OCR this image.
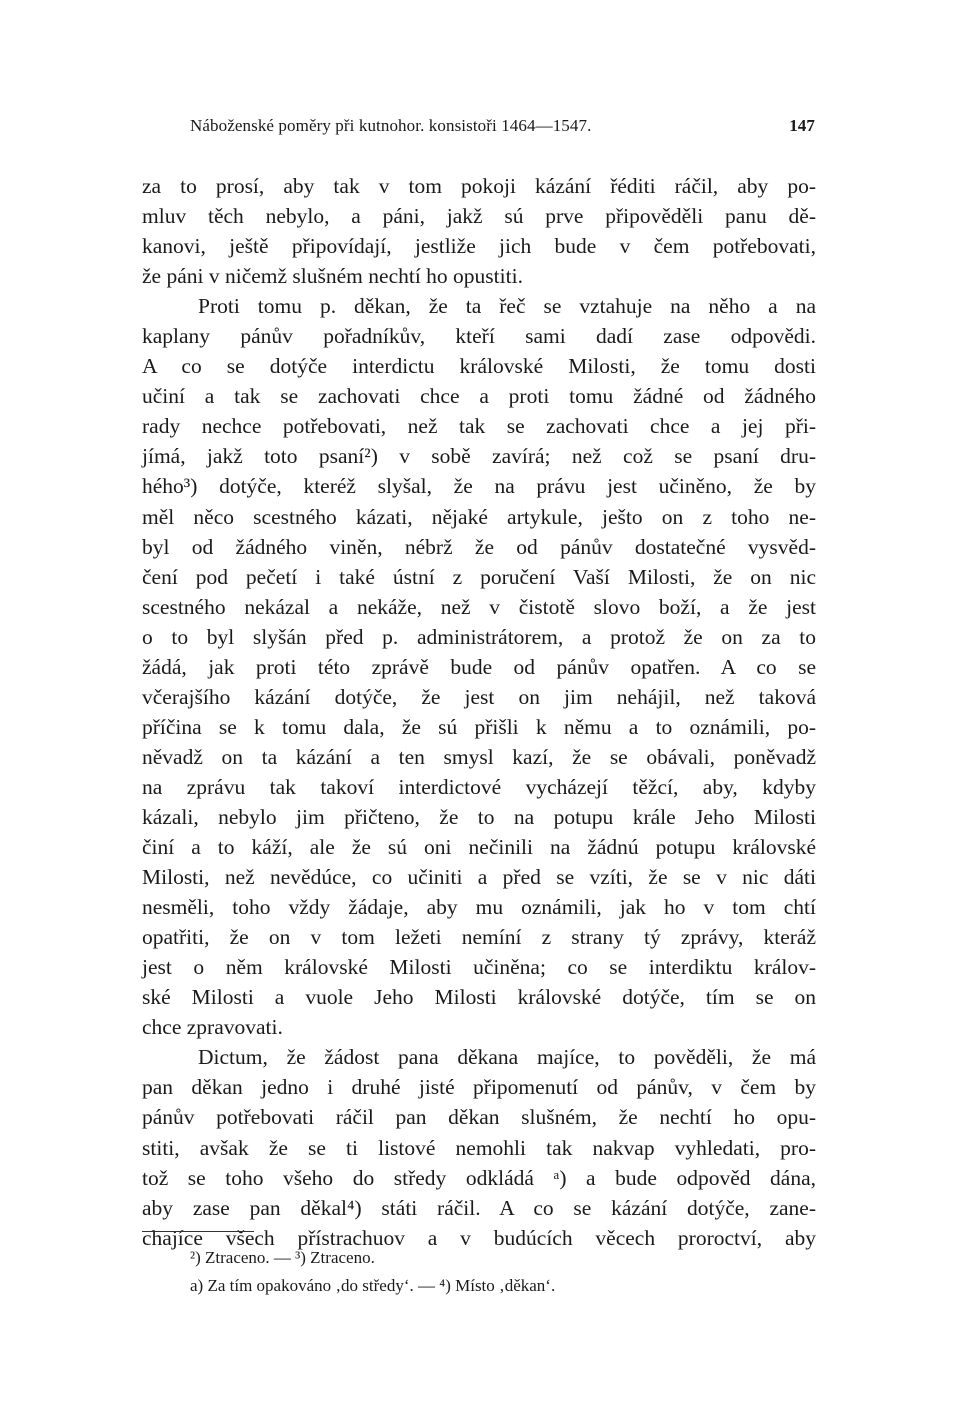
Náboženské poměry při kutnohor. konsistoři 1464—1547.	147
za to prosí, aby tak v tom pokoji kázání řéditi ráčil, aby po-
mluv těch nebylo, a páni, jakž sú prve připověděli panu dě-
kanovi, ještě připovídají, jestliže jich bude v čem potřebovati,
že páni v ničemž slušném nechtí ho opustiti.
Proti tomu p. děkan, že ta řeč se vztahuje na něho a na
kaplany pánův pořadníkův, kteří sami dadí zase odpovědi.
A co se dotýče interdictu královské Milosti, že tomu dosti
učiní a tak se zachovati chce a proti tomu žádné od žádného
rady nechce potřebovati, než tak se zachovati chce a jej při-
jímá, jakž toto psaní²) v sobě zavírá; než což se psaní dru-
hého³) dotýče, kteréž slyšal, že na právu jest učiněno, že by
měl něco scestného kázati, nějaké artykule, ješto on z toho ne-
byl od žádného viněn, nébrž že od pánův dostatečné vysvěd-
čení pod pečetí i také ústní z poručení Vaší Milosti, že on nic
scestného nekázal a nekáže, než v čistotě slovo boží, a že jest
o to byl slyšán před p. administrátorem, a protož že on za to
žádá, jak proti této zprávě bude od pánův opatřen. A co se
včerajšího kázání dotýče, že jest on jim nehájil, než taková
příčina se k tomu dala, že sú přišli k němu a to oznámili, po-
něvadž on ta kázání a ten smysl kazí, že se obávali, poněvadž
na zprávu tak takoví interdictové vycházejí těžcí, aby, kdyby
kázali, nebylo jim přičteno, že to na potupu krále Jeho Milosti
činí a to káží, ale že sú oni nečinili na žádnú potupu královské
Milosti, než nevědúce, co učiniti a před se vzíti, že se v nic dáti
nesměli, toho vždy žádaje, aby mu oznámili, jak ho v tom chtí
opatřiti, že on v tom ležeti nemíní z strany tý zprávy, kteráž
jest o něm královské Milosti učiněna; co se interdiktu králov-
ské Milosti a vuole Jeho Milosti královské dotýče, tím se on
chce zpravovati.
Dictum, že žádost pana děkana majíce, to pověděli, že má
pan děkan jedno i druhé jisté připomenutí od pánův, v čem by
pánův potřebovati ráčil pan děkan slušném, že nechtí ho opu-
stiti, avšak že se ti listové nemohli tak nakvap vyhledati, pro-
tož se toho všeho do středy odkládá ᵃ) a bude odpověd dána,
aby zase pan děkal⁴) státi ráčil. A co se kázání dotýče, zane-
chajíce všech přístrachuov a v budúcích věcech proroctví, aby
²) Ztraceno. — ³) Ztraceno.
a) Za tím opakováno ‚do středy‘. — ⁴) Místo ‚děkan‘.
